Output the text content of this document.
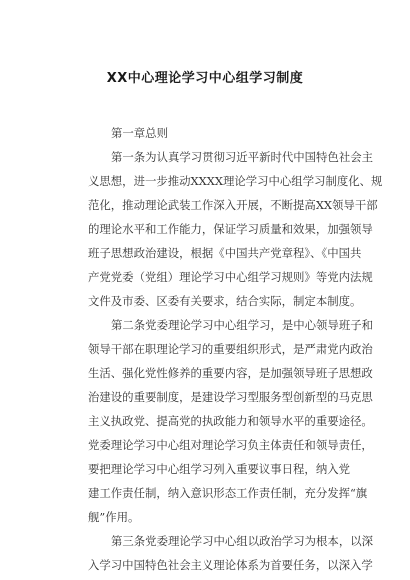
XX中心理论学习中心组学习制度
第一章总则
第一条为认真学习贯彻习近平新时代中国特色社会主
义思想，进一步推动XXXX理论学习中心组学习制度化、规
范化，推动理论武装工作深入开展，不断提高XX领导干部
的理论水平和工作能力，保证学习质量和效果，加强领导
班子思想政治建设，根据《中国共产党章程》、《中国共
产党党委（党组）理论学习中心组学习规则》等党内法规
文件及市委、区委有关要求，结合实际，制定本制度。
第二条党委理论学习中心组学习，是中心领导班子和
领导干部在职理论学习的重要组织形式，是严肃党内政治
生活、强化党性修养的重要内容，是加强领导班子思想政
治建设的重要制度，是建设学习型服务型创新型的马克思
主义执政党、提高党的执政能力和领导水平的重要途径。
党委理论学习中心组对理论学习负主体责任和领导责任，
要把理论学习中心组学习列入重要议事日程，纳入党
建工作责任制，纳入意识形态工作责任制，充分发挥“旗
舰”作用。
第三条党委理论学习中心组以政治学习为根本，以深
入学习中国特色社会主义理论体系为首要任务，以深入学
